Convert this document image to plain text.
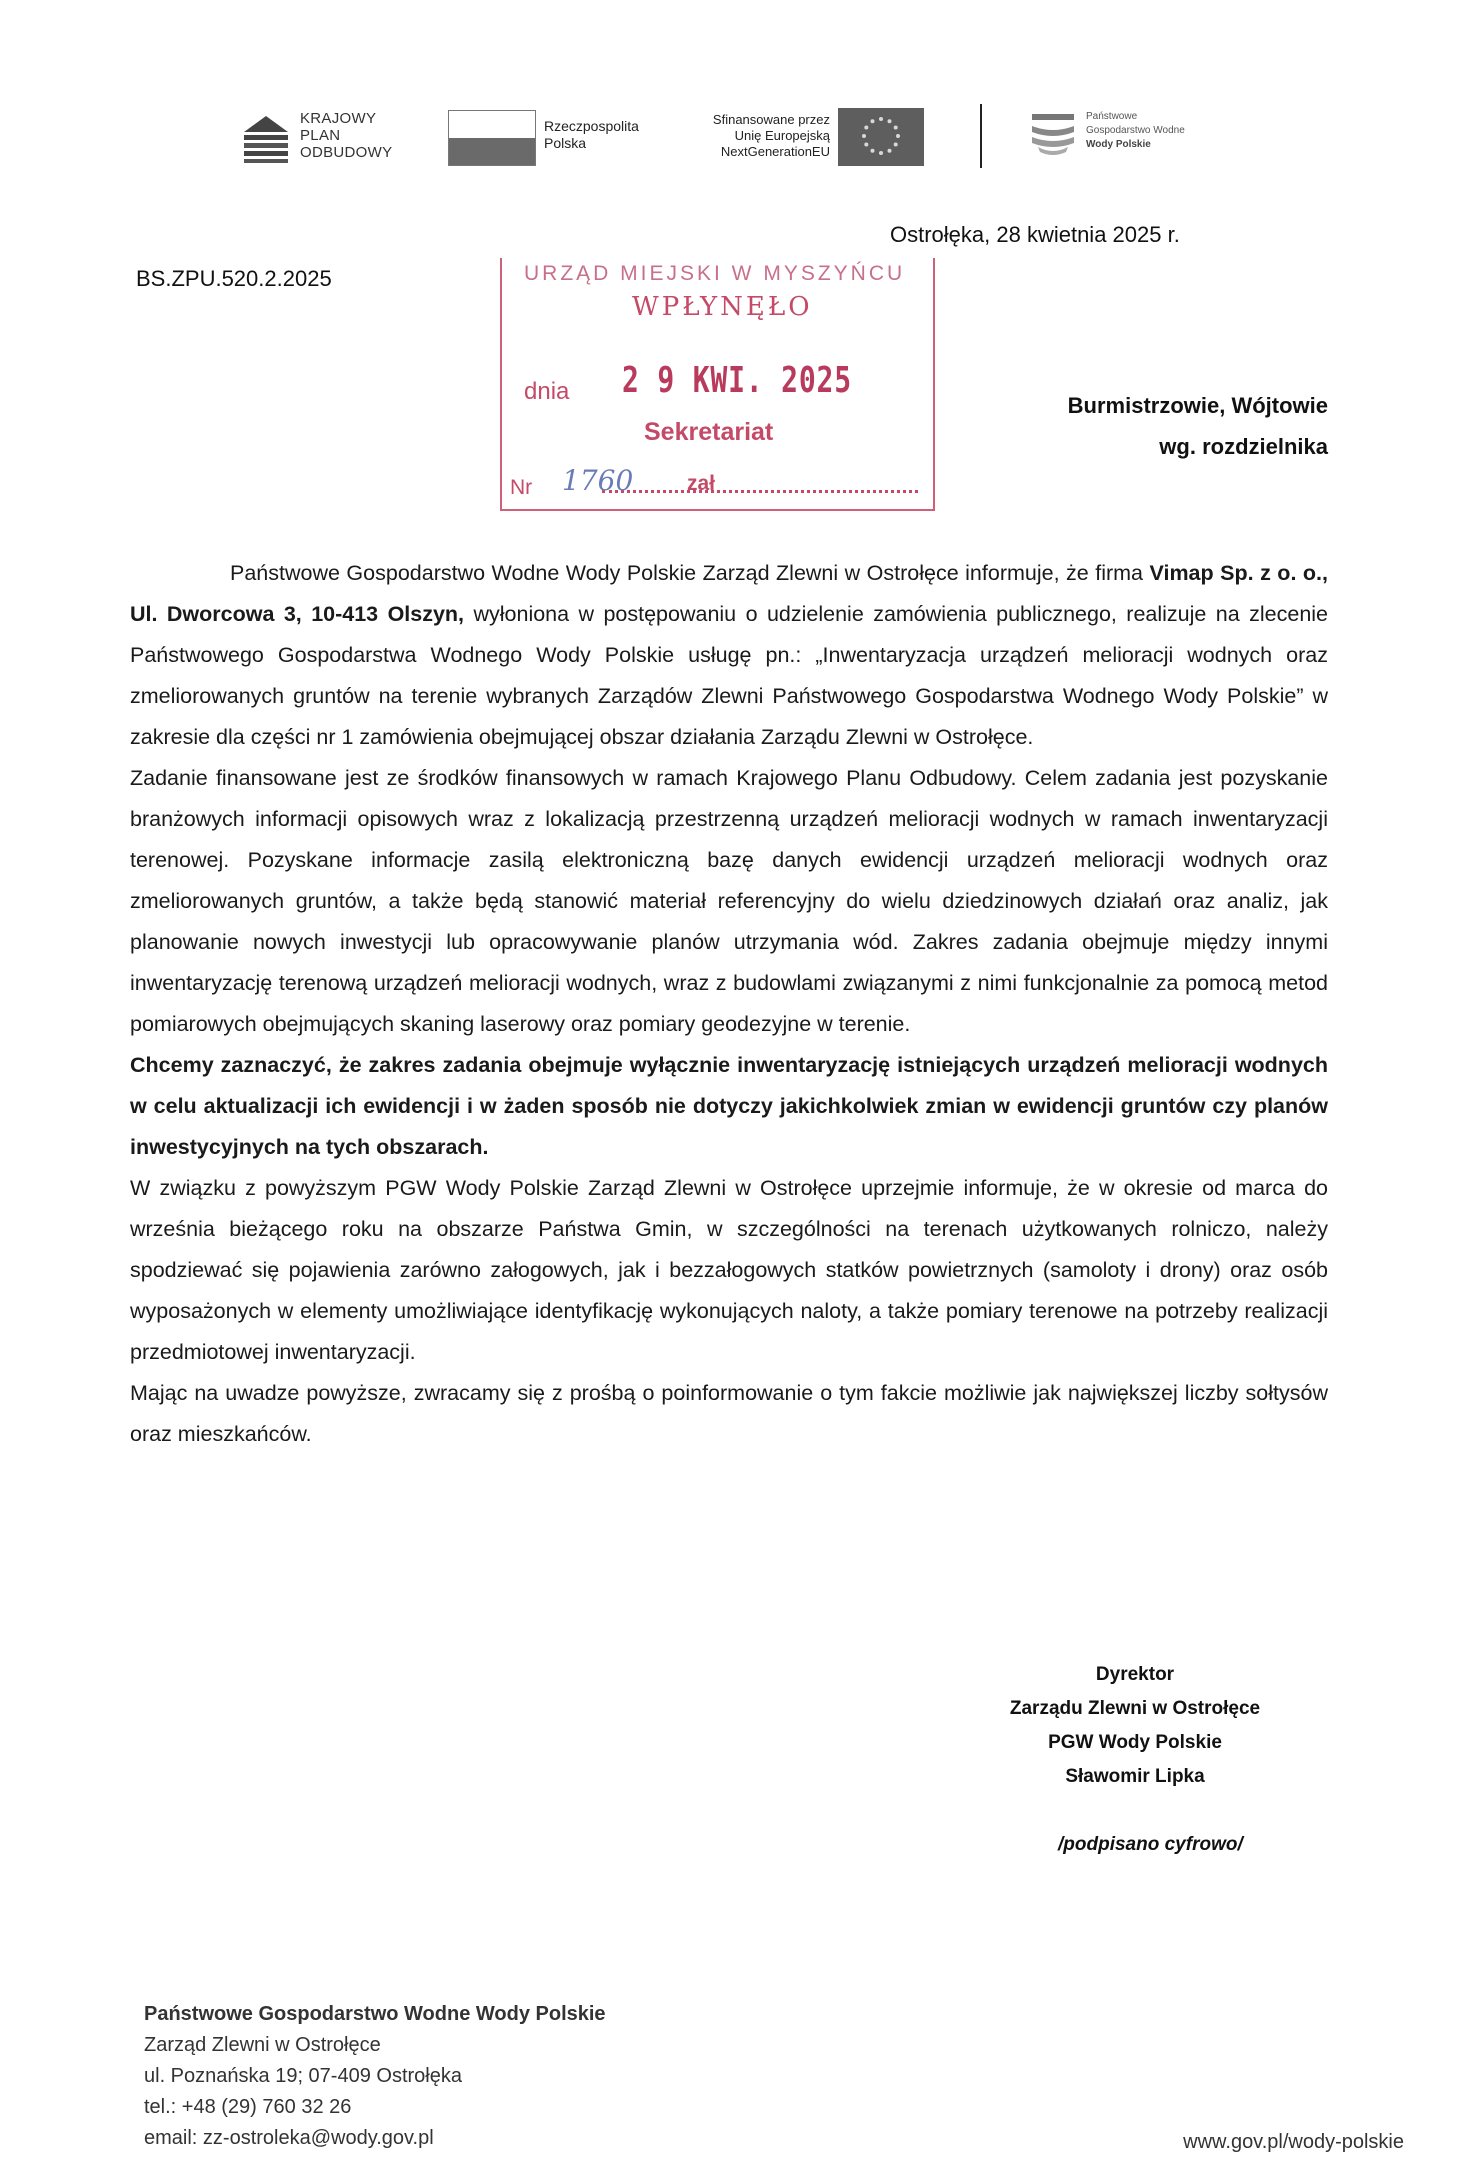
KRAJOWY
PLAN
ODBUDOWY
Rzeczpospolita
Polska
Sfinansowane przez
Unię Europejską
NextGenerationEU
Państwowe
Gospodarstwo Wodne
Wody Polskie
BS.ZPU.520.2.2025	URZĄD MIEJSKI W MYSZYŃCU
WPŁYNĘŁO
dnia 2 9 KWI. 2025
Sekretariat
Nr 1760	zał
Ostrołęka, 28 kwietnia 2025 r.
Burmistrzowie, Wójtowie
wg. rozdzielnika

Państwowe Gospodarstwo Wodne Wody Polskie Zarząd Zlewni w Ostrołęce informuje, że firma Vimap Sp. z o. o., Ul. Dworcowa 3, 10-413 Olszyn, wyłoniona w postępowaniu o udzielenie zamówienia publicznego, realizuje na zlecenie Państwowego Gospodarstwa Wodnego Wody Polskie usługę pn.: „Inwentaryzacja urządzeń melioracji wodnych oraz zmeliorowanych gruntów na terenie wybranych Zarządów Zlewni Państwowego Gospodarstwa Wodnego Wody Polskie” w zakresie dla części nr 1 zamówienia obejmującej obszar działania Zarządu Zlewni w Ostrołęce.

Zadanie finansowane jest ze środków finansowych w ramach Krajowego Planu Odbudowy. Celem zadania jest pozyskanie branżowych informacji opisowych wraz z lokalizacją przestrzenną urządzeń melioracji wodnych w ramach inwentaryzacji terenowej. Pozyskane informacje zasilą elektroniczną bazę danych ewidencji urządzeń melioracji wodnych oraz zmeliorowanych gruntów, a także będą stanowić materiał referencyjny do wielu dziedzinowych działań oraz analiz, jak planowanie nowych inwestycji lub opracowywanie planów utrzymania wód. Zakres zadania obejmuje między innymi inwentaryzację terenową urządzeń melioracji wodnych, wraz z budowlami związanymi z nimi funkcjonalnie za pomocą metod pomiarowych obejmujących skaning laserowy oraz pomiary geodezyjne w terenie.

Chcemy zaznaczyć, że zakres zadania obejmuje wyłącznie inwentaryzację istniejących urządzeń melioracji wodnych w celu aktualizacji ich ewidencji i w żaden sposób nie dotyczy jakichkolwiek zmian w ewidencji gruntów czy planów inwestycyjnych na tych obszarach.

W związku z powyższym PGW Wody Polskie Zarząd Zlewni w Ostrołęce uprzejmie informuje, że w okresie od marca do września bieżącego roku na obszarze Państwa Gmin, w szczególności na terenach użytkowanych rolniczo, należy spodziewać się pojawienia zarówno załogowych, jak i bezzałogowych statków powietrznych (samoloty i drony) oraz osób wyposażonych w elementy umożliwiające identyfikację wykonujących naloty, a także pomiary terenowe na potrzeby realizacji przedmiotowej inwentaryzacji.

Mając na uwadze powyższe, zwracamy się z prośbą o poinformowanie o tym fakcie możliwie jak największej liczby sołtysów oraz mieszkańców.

Dyrektor
Zarządu Zlewni w Ostrołęce
PGW Wody Polskie
Sławomir Lipka
/podpisano cyfrowo/
Państwowe Gospodarstwo Wodne Wody Polskie
Zarząd Zlewni w Ostrołęce
ul. Poznańska 19; 07-409 Ostrołęka
tel.: +48 (29) 760 32 26
email: zz-ostroleka@wody.gov.pl	www.gov.pl/wody-polskie
